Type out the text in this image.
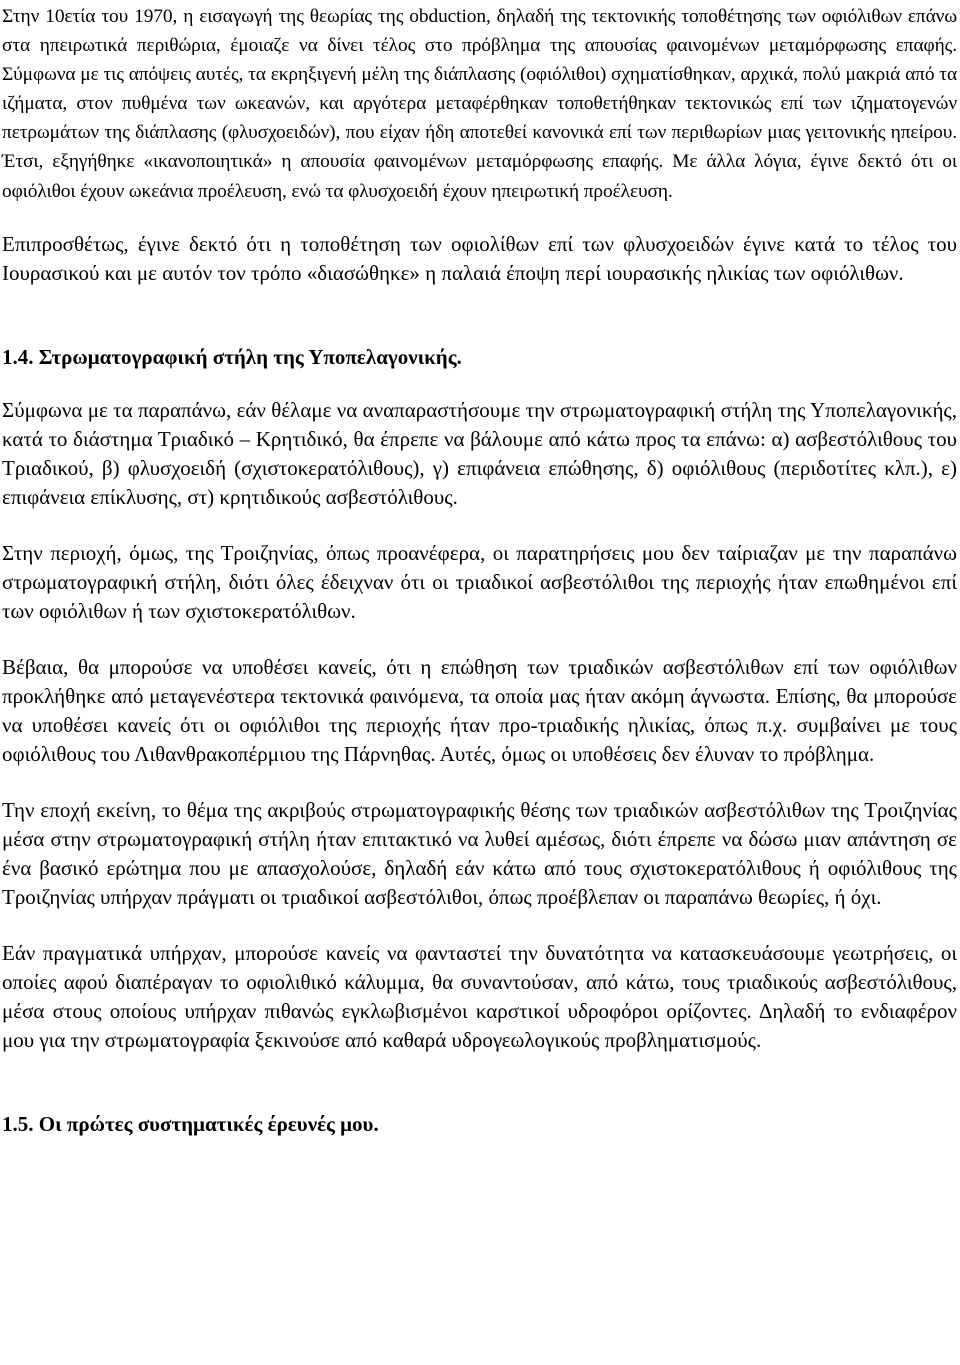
Στην 10ετία του 1970, η εισαγωγή της θεωρίας της obduction, δηλαδή της τεκτονικής τοποθέτησης των οφιόλιθων επάνω στα ηπειρωτικά περιθώρια, έμοιαζε να δίνει τέλος στο πρόβλημα της απουσίας φαινομένων μεταμόρφωσης επαφής. Σύμφωνα με τις απόψεις αυτές, τα εκρηξιγενή μέλη της διάπλασης (οφιόλιθοι) σχηματίσθηκαν, αρχικά, πολύ μακριά από τα ιζήματα, στον πυθμένα των ωκεανών, και αργότερα μεταφέρθηκαν τοποθετήθηκαν τεκτονικώς επί των ιζηματογενών πετρωμάτων της διάπλασης (φλυσχοειδών), που είχαν ήδη αποτεθεί κανονικά επί των περιθωρίων μιας γειτονικής ηπείρου. Έτσι, εξηγήθηκε «ικανοποιητικά» η απουσία φαινομένων μεταμόρφωσης επαφής. Με άλλα λόγια, έγινε δεκτό ότι οι οφιόλιθοι έχουν ωκεάνια προέλευση, ενώ τα φλυσχοειδή έχουν ηπειρωτική προέλευση.

Επιπροσθέτως, έγινε δεκτό ότι η τοποθέτηση των οφιολίθων επί των φλυσχοειδών έγινε κατά το τέλος του Ιουρασικού και με αυτόν τον τρόπο «διασώθηκε» η παλαιά έποψη περί ιουρασικής ηλικίας των οφιόλιθων.

1.4. Στρωματογραφική στήλη της Υποπελαγονικής.

Σύμφωνα με τα παραπάνω, εάν θέλαμε να αναπαραστήσουμε την στρωματογραφική στήλη της Υποπελαγονικής, κατά το διάστημα Τριαδικό – Κρητιδικό, θα έπρεπε να βάλουμε από κάτω προς τα επάνω: α) ασβεστόλιθους του Τριαδικού, β) φλυσχοειδή (σχιστοκερατόλιθους), γ) επιφάνεια επώθησης, δ) οφιόλιθους (περιδοτίτες κλπ.), ε) επιφάνεια επίκλυσης, στ) κρητιδικούς ασβεστόλιθους.

Στην περιοχή, όμως, της Τροιζηνίας, όπως προανέφερα, οι παρατηρήσεις μου δεν ταίριαζαν με την παραπάνω στρωματογραφική στήλη, διότι όλες έδειχναν ότι οι τριαδικοί ασβεστόλιθοι της περιοχής ήταν επωθημένοι επί των οφιόλιθων ή των σχιστοκερατόλιθων.

Βέβαια, θα μπορούσε να υποθέσει κανείς, ότι η επώθηση των τριαδικών ασβεστόλιθων επί των οφιόλιθων προκλήθηκε από μεταγενέστερα τεκτονικά φαινόμενα, τα οποία μας ήταν ακόμη άγνωστα. Επίσης, θα μπορούσε να υποθέσει κανείς ότι οι οφιόλιθοι της περιοχής ήταν προ-τριαδικής ηλικίας, όπως π.χ. συμβαίνει με τους οφιόλιθους του Λιθανθρακοπέρμιου της Πάρνηθας. Αυτές, όμως οι υποθέσεις δεν έλυναν το πρόβλημα.

Την εποχή εκείνη, το θέμα της ακριβούς στρωματογραφικής θέσης των τριαδικών ασβεστόλιθων της Τροιζηνίας μέσα στην στρωματογραφική στήλη ήταν επιτακτικό να λυθεί αμέσως, διότι έπρεπε να δώσω μιαν απάντηση σε ένα βασικό ερώτημα που με απασχολούσε, δηλαδή εάν κάτω από τους σχιστοκερατόλιθους ή οφιόλιθους της Τροιζηνίας υπήρχαν πράγματι οι τριαδικοί ασβεστόλιθοι, όπως προέβλεπαν οι παραπάνω θεωρίες, ή όχι.

Εάν πραγματικά υπήρχαν, μπορούσε κανείς να φανταστεί την δυνατότητα να κατασκευάσουμε γεωτρήσεις, οι οποίες αφού διαπέραγαν το οφιολιθικό κάλυμμα, θα συναντούσαν, από κάτω, τους τριαδικούς ασβεστόλιθους, μέσα στους οποίους υπήρχαν πιθανώς εγκλωβισμένοι καρστικοί υδροφόροι ορίζοντες. Δηλαδή το ενδιαφέρον μου για την στρωματογραφία ξεκινούσε από καθαρά υδρογεωλογικούς προβληματισμούς.

1.5. Οι πρώτες συστηματικές έρευνές μου.
